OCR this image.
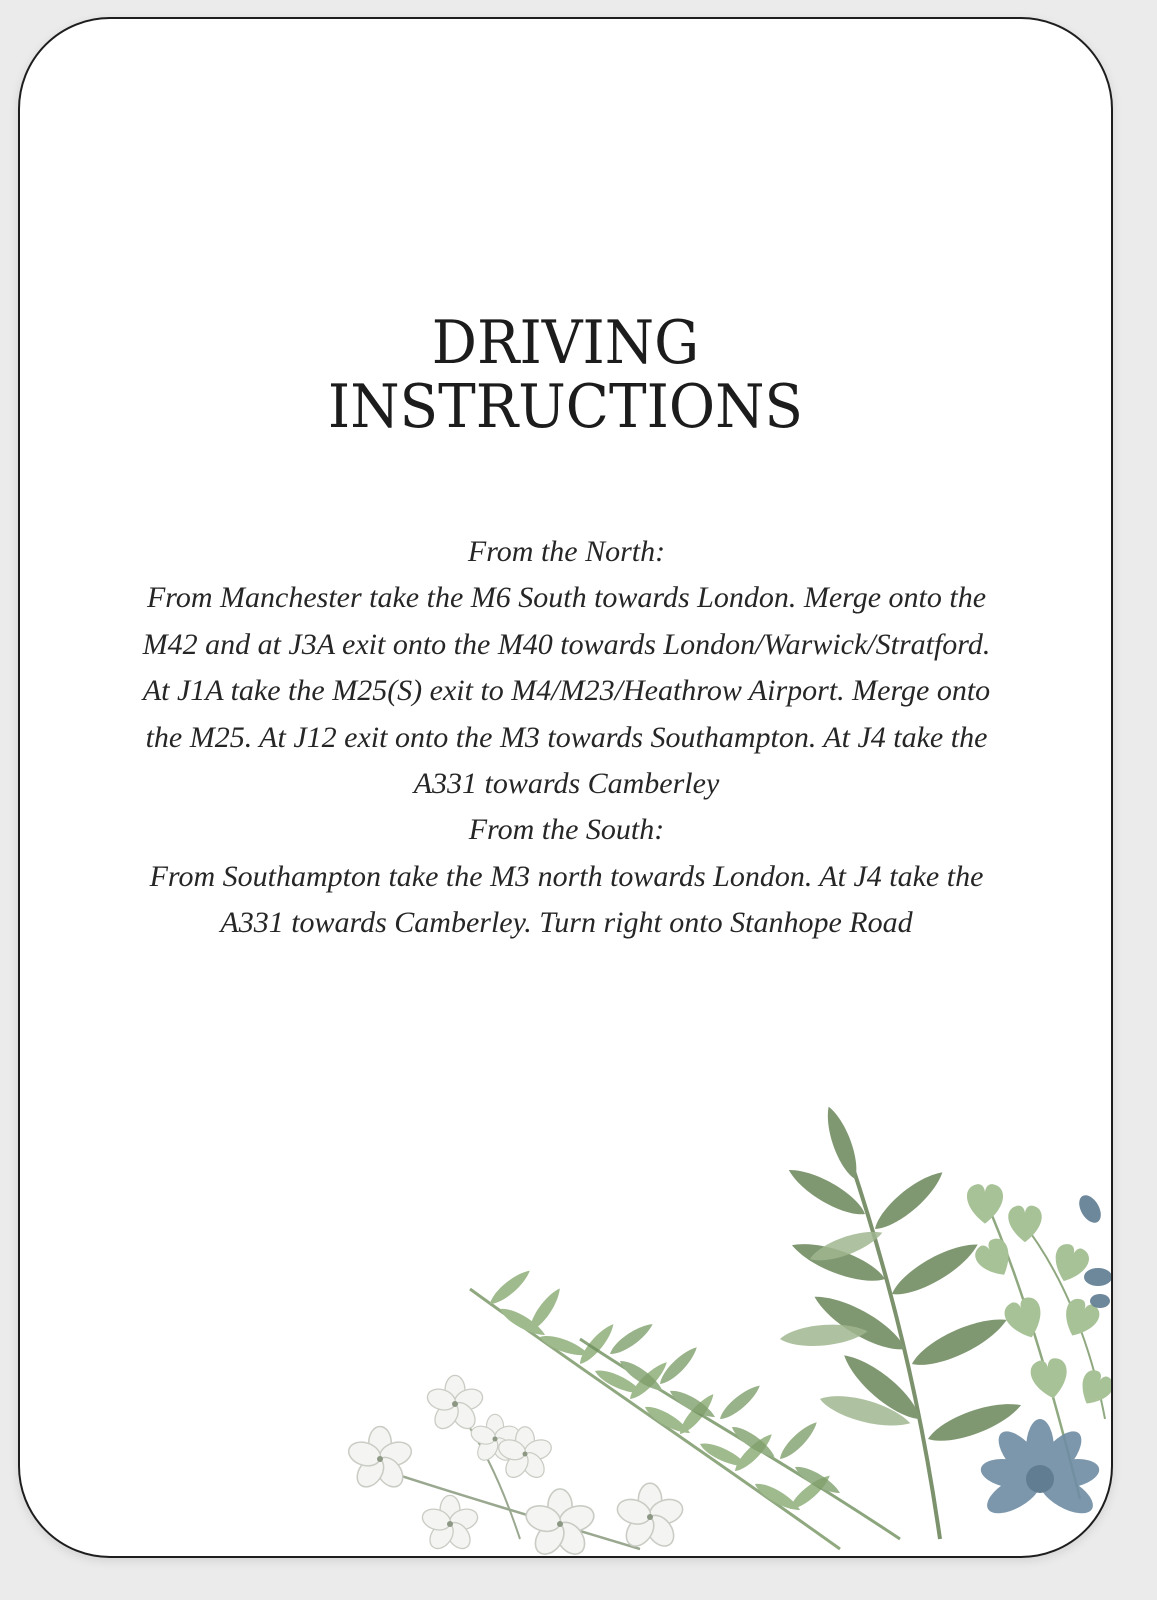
DRIVING
INSTRUCTIONS

From the North:

From Manchester take the M6 South towards London. Merge onto the M42 and at J3A exit onto the M40 towards London/Warwick/Stratford. At J1A take the M25(S) exit to M4/M23/Heathrow Airport. Merge onto the M25. At J12 exit onto the M3 towards Southampton. At J4 take the A331 towards Camberley

From the South:

From Southampton take the M3 north towards London. At J4 take the A331 towards Camberley. Turn right onto Stanhope Road
